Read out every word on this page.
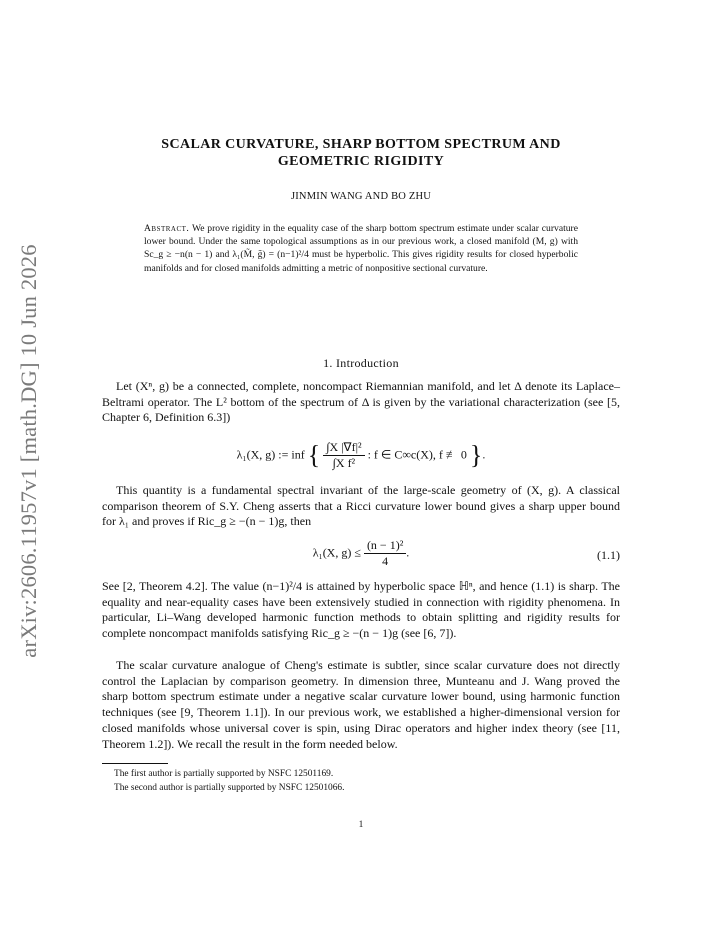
arXiv:2606.11957v1 [math.DG] 10 Jun 2026
SCALAR CURVATURE, SHARP BOTTOM SPECTRUM AND
GEOMETRIC RIGIDITY
JINMIN WANG AND BO ZHU
Abstract. We prove rigidity in the equality case of the sharp bottom spectrum estimate under scalar curvature lower bound. Under the same topological assumptions as in our previous work, a closed manifold (M, g) with Sc_g ≥ −n(n − 1) and λ₁(M̃, g̃) = (n−1)²/4 must be hyperbolic. This gives rigidity results for closed hyperbolic manifolds and for closed manifolds admitting a metric of nonpositive sectional curvature.
1. Introduction

Let (Xⁿ, g) be a connected, complete, noncompact Riemannian manifold, and let Δ denote its Laplace–Beltrami operator. The L² bottom of the spectrum of Δ is given by the variational characterization (see [5, Chapter 6, Definition 6.3])

λ₁(X, g) := inf { $\frac{\text{∫X |∇f|²}}{\text{∫X f²}}$ : f ∈ C∞c(X), f ≢ 0 }.

This quantity is a fundamental spectral invariant of the large-scale geometry of (X, g). A classical comparison theorem of S.Y. Cheng asserts that a Ricci curvature lower bound gives a sharp upper bound for λ₁ and proves if Ric_g ≥ −(n − 1)g, then

λ₁(X, $g) \le \frac{\text{(n − 1)²}}{4}$ .	(1.1)

See [2, Theorem 4.2]. The value (n−1)²/4 is attained by hyperbolic space ℍⁿ, and hence (1.1) is sharp. The equality and near-equality cases have been extensively studied in connection with rigidity phenomena. In particular, Li–Wang developed harmonic function methods to obtain splitting and rigidity results for complete noncompact manifolds satisfying Ric_g ≥ −(n − 1)g (see [6, 7]).

The scalar curvature analogue of Cheng's estimate is subtler, since scalar curvature does not directly control the Laplacian by comparison geometry. In dimension three, Munteanu and J. Wang proved the sharp bottom spectrum estimate under a negative scalar curvature lower bound, using harmonic function techniques (see [9, Theorem 1.1]). In our previous work, we established a higher-dimensional version for closed manifolds whose universal cover is spin, using Dirac operators and higher index theory (see [11, Theorem 1.2]). We recall the result in the form needed below.

The first author is partially supported by NSFC 12501169.
The second author is partially supported by NSFC 12501066.
1
